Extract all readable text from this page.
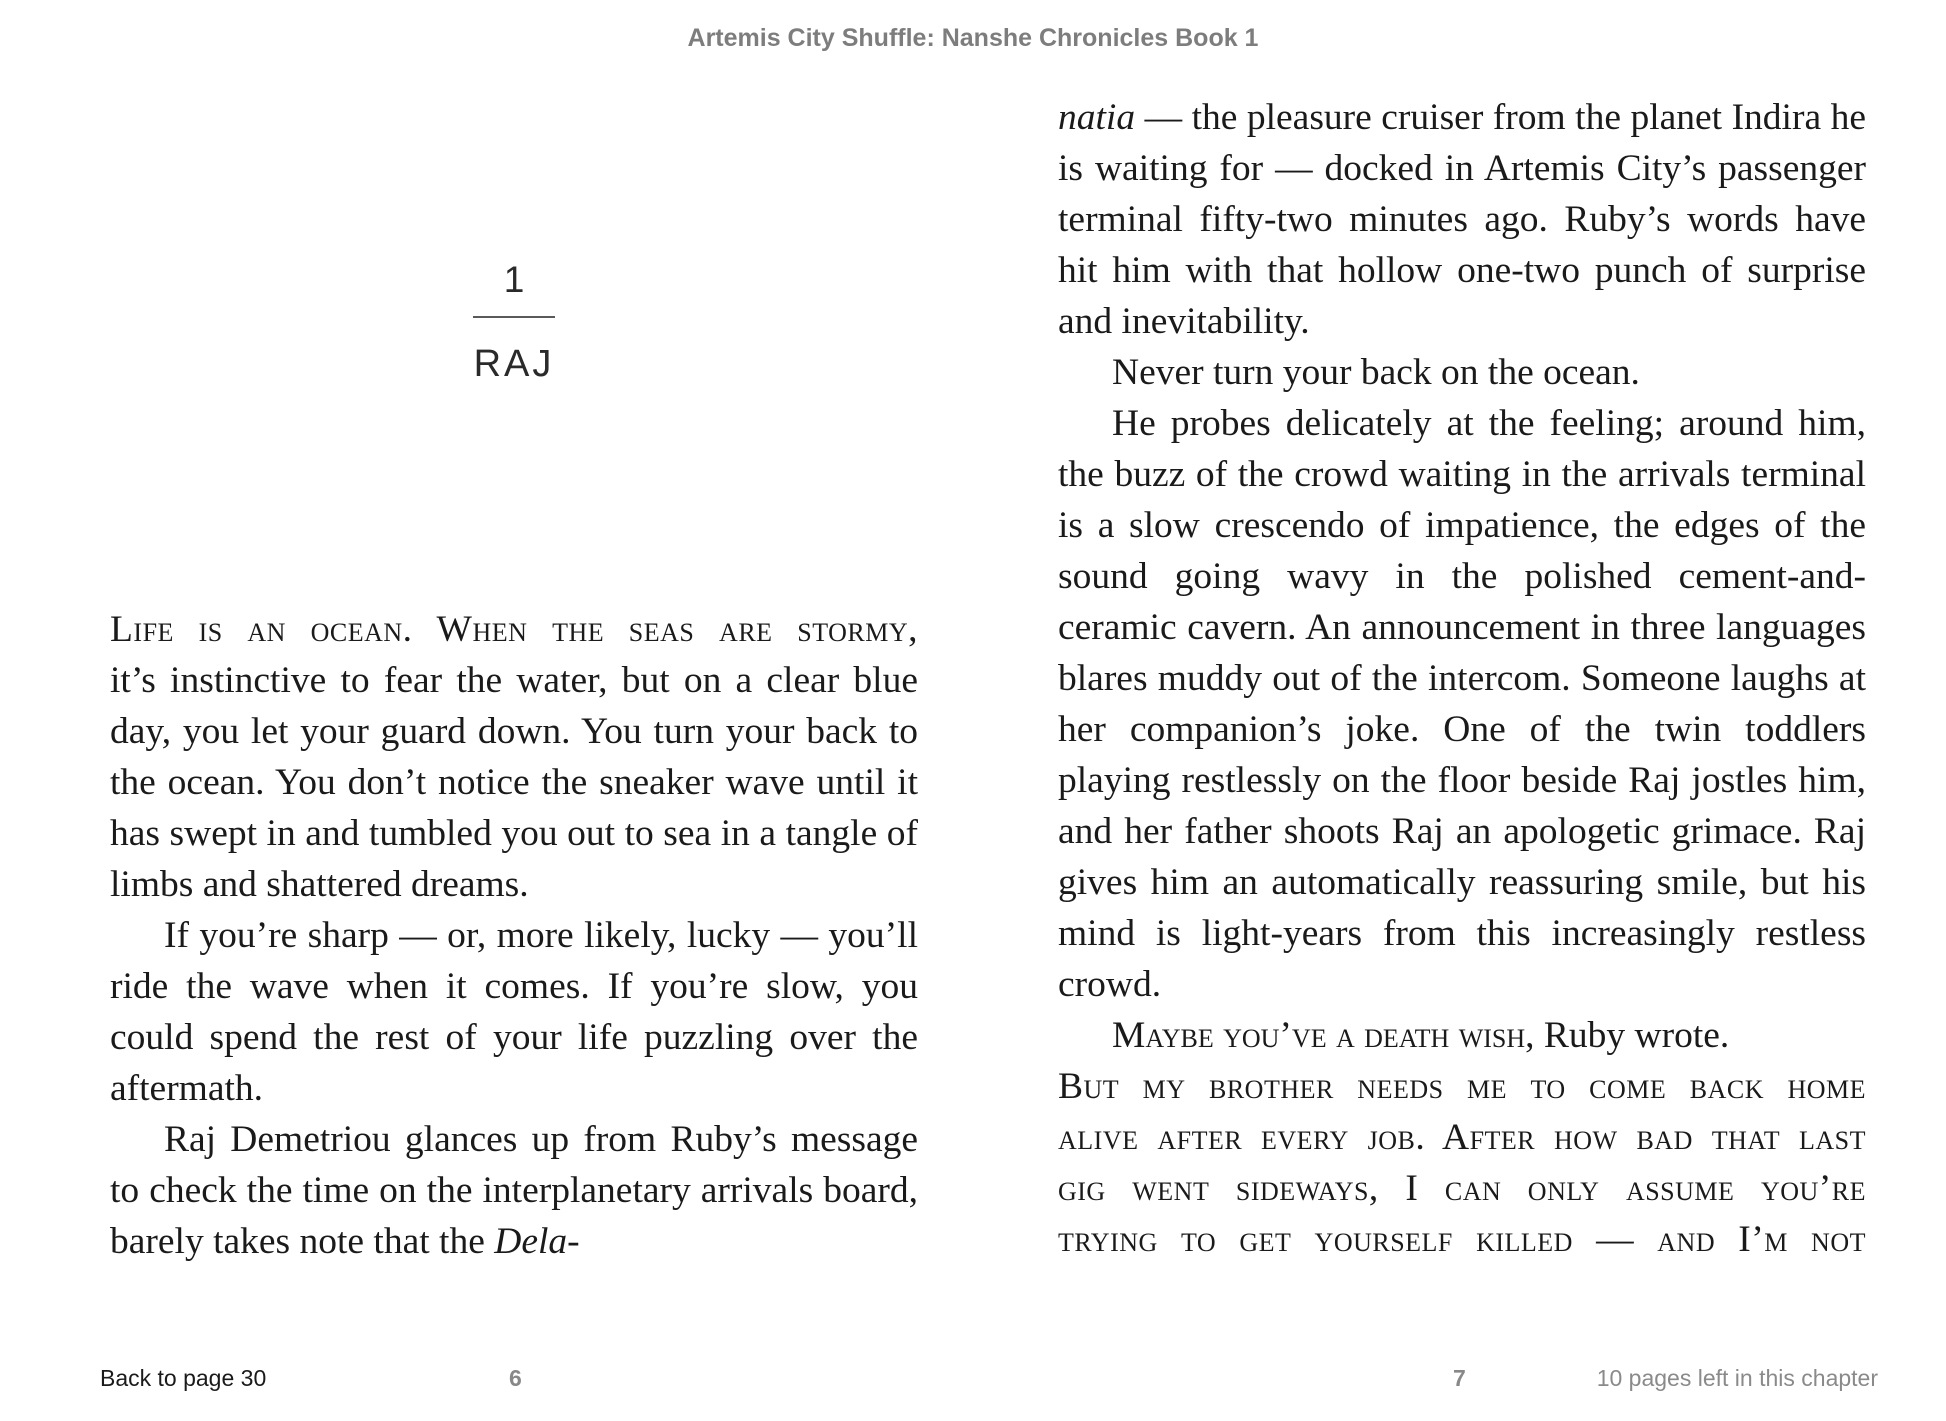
Artemis City Shuffle: Nanshe Chronicles Book 1
1
RAJ

Life is an ocean. When the seas are stormy,
it’s instinctive to fear the water, but on a clear blue day, you let your guard down. You turn your back to the ocean. You don’t notice the sneaker wave until it has swept in and tumbled you out to sea in a tangle of limbs and shattered dreams.

If you’re sharp — or, more likely, lucky — you’ll ride the wave when it comes. If you’re slow, you could spend the rest of your life puzzling over the aftermath.

Raj Demetriou glances up from Ruby’s message to check the time on the interplanetary arrivals board, barely takes note that the Dela-

natia — the pleasure cruiser from the planet Indira he is waiting for — docked in Artemis City’s passenger terminal fifty-two minutes ago. Ruby’s words have hit him with that hollow one-two punch of surprise and inevitability.

Never turn your back on the ocean.

He probes delicately at the feeling; around him, the buzz of the crowd waiting in the arrivals terminal is a slow crescendo of impatience, the edges of the sound going wavy in the polished cement-and-ceramic cavern. An announcement in three languages blares muddy out of the intercom. Someone laughs at her companion’s joke. One of the twin toddlers playing restlessly on the floor beside Raj jostles him, and her father shoots Raj an apologetic grimace. Raj gives him an automatically reassuring smile, but his mind is light-years from this increasingly restless crowd.

Maybe you’ve a death wish, Ruby wrote.

But my brother needs me to come back home
alive after every job. After how bad that last
gig went sideways, I can only assume you’re
trying to get yourself killed — and I’m not
Back to page 30	6	7	10 pages left in this chapter
